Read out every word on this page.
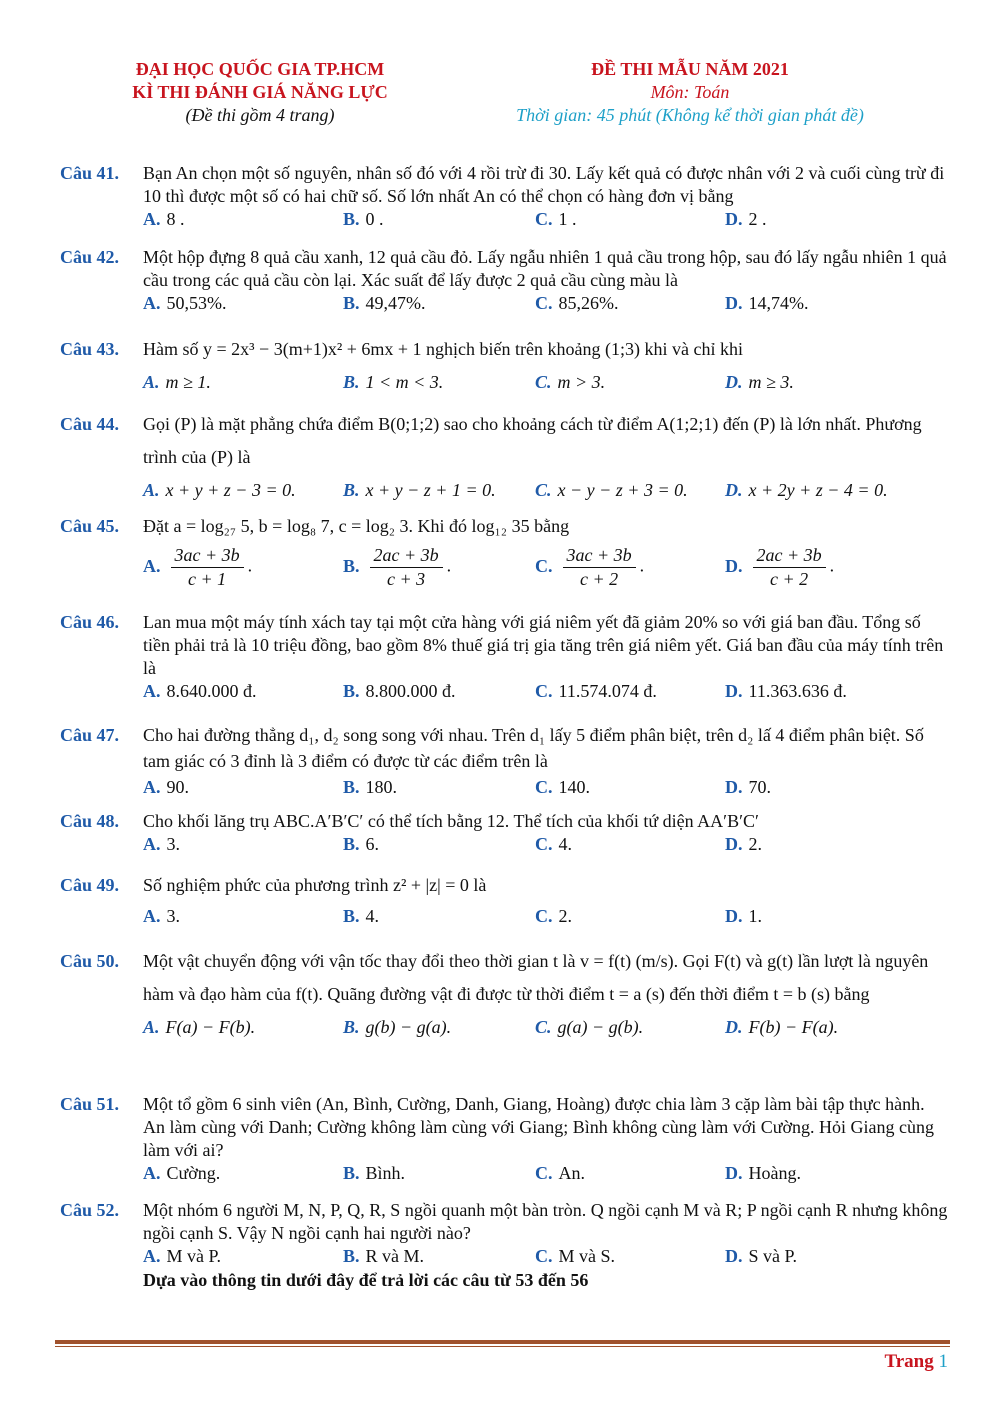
ĐẠI HỌC QUỐC GIA TP.HCM
KÌ THI ĐÁNH GIÁ NĂNG LỰC
(Đề thi gồm 4 trang)
ĐỀ THI MẪU NĂM 2021
Môn: Toán
Thời gian: 45 phút (Không kể thời gian phát đề)
Câu 41.	Bạn An chọn một số nguyên, nhân số đó với 4 rồi trừ đi 30. Lấy kết quả có được nhân với 2 và cuối cùng trừ đi 10 thì được một số có hai chữ số. Số lớn nhất An có thể chọn có hàng đơn vị bằng
A. 8 .	B. 0 .	C. 1 .	D. 2 .
Câu 42.	Một hộp đựng 8 quả cầu xanh, 12 quả cầu đỏ. Lấy ngẫu nhiên 1 quả cầu trong hộp, sau đó lấy ngẫu nhiên 1 quả cầu trong các quả cầu còn lại. Xác suất để lấy được 2 quả cầu cùng màu là
A. 50,53%.	B. 49,47%.	C. 85,26%.	D. 14,74%.
Câu 43.	Hàm số y = 2x³ − 3(m+1)x² + 6mx + 1 nghịch biến trên khoảng (1;3) khi và chỉ khi
A. m ≥ 1.	B. 1 < m < 3.	C. m > 3.	D. m ≥ 3.
Câu 44.	Gọi (P) là mặt phẳng chứa điểm B(0;1;2) sao cho khoảng cách từ điểm A(1;2;1) đến (P) là lớn nhất. Phương trình của (P) là
A. x + y + z − 3 = 0.	B. x + y − z + 1 = 0. C. x − y − z + 3 = 0. D. x + 2y + z − 4 = 0.
Câu 45.	Đặt a = log₂₇ 5, b = log₈ 7, c = log₂ 3. Khi đó log₁₂ 35 bằng
A. $\frac{3ac + 3b}{c + 1}$ .	B. $\frac{2ac + 3b}{c + 3}$ .	C. $\frac{3ac + 3b}{c + 2}$ .	D. $\frac{2ac + 3b}{c + 2}$ .
Câu 46.	Lan mua một máy tính xách tay tại một cửa hàng với giá niêm yết đã giảm 20% so với giá ban đầu. Tổng số tiền phải trả là 10 triệu đồng, bao gồm 8% thuế giá trị gia tăng trên giá niêm yết. Giá ban đầu của máy tính trên là
A. 8.640.000 đ.	B. 8.800.000 đ.	C. 11.574.074 đ.	D. 11.363.636 đ.
Câu 47.	Cho hai đường thẳng d₁, d₂ song song với nhau. Trên d₁ lấy 5 điểm phân biệt, trên d₂ lấ 4 điểm phân biệt. Số tam giác có 3 đỉnh là 3 điểm có được từ các điểm trên là
A. 90.	B. 180.	C. 140.	D. 70.
Câu 48.	Cho khối lăng trụ ABC.A′B′C′ có thể tích bằng 12. Thể tích của khối tứ diện AA′B′C′
A. 3.	B. 6.	C. 4.	D. 2.
Câu 49.	Số nghiệm phức của phương trình z² + |z| = 0 là
A. 3.	B. 4.	C. 2.	D. 1.
Câu 50.	Một vật chuyển động với vận tốc thay đổi theo thời gian t là v = f(t) (m/s). Gọi F(t) và g(t) lần lượt là nguyên hàm và đạo hàm của f(t). Quãng đường vật đi được từ thời điểm t = a (s) đến thời điểm t = b (s) bằng
A. F(a) − F(b).	B. g(b) − g(a).	C. g(a) − g(b).	D. F(b) − F(a).
Câu 51.	Một tổ gồm 6 sinh viên (An, Bình, Cường, Danh, Giang, Hoàng) được chia làm 3 cặp làm bài tập thực hành. An làm cùng với Danh; Cường không làm cùng với Giang; Bình không cùng làm với Cường. Hỏi Giang cùng làm với ai?
A. Cường.	B. Bình.	C. An.	D. Hoàng.
Câu 52.	Một nhóm 6 người M, N, P, Q, R, S ngồi quanh một bàn tròn. Q ngồi cạnh M và R; P ngồi cạnh R nhưng không ngồi cạnh S. Vậy N ngồi cạnh hai người nào?
A. M và P.	B. R và M.	C. M và S.	D. S và P.
Dựa vào thông tin dưới đây để trả lời các câu từ 53 đến 56
Trang 1
